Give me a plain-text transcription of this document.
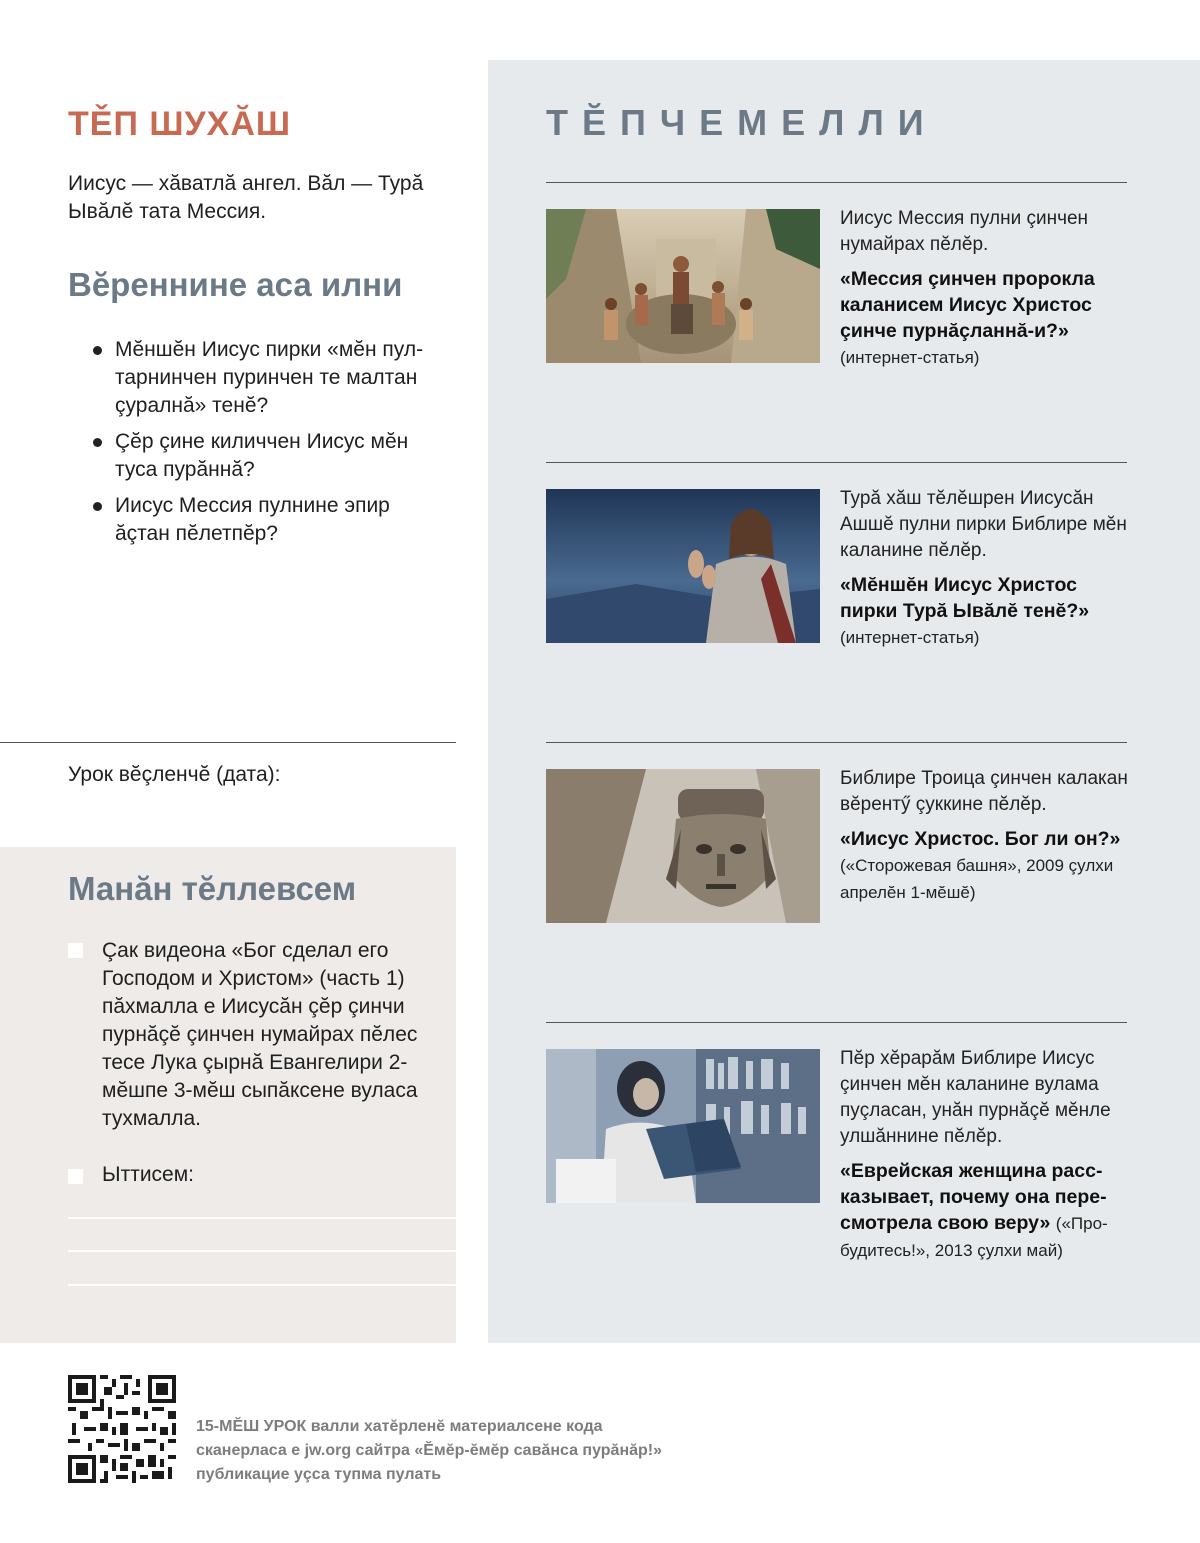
ТĔПЧЕМЕЛЛИ
Иисус Мессия пулни çинчен нумайрах пĕлĕр.
«Мессия çинчен пророкла каланисем Иисус Христос çинче пурнăçланнă-и?» (интернет-статья)
Турă хăш тĕлĕшрен Иисусăн Ашшĕ пулни пирки Библире мĕн каланине пĕлĕр.
«Мĕншĕн Иисус Христос пирки Турă Ывăлĕ тенĕ?» (интернет-статья)
Библире Троица çинчен калакан вĕрентӳ çуккине пĕлĕр.
«Иисус Христос. Бог ли он?» («Сторожевая башня», 2009 çулхи апрелĕн 1-мĕшĕ)
Пĕр хĕрарăм Библире Иисус çинчен мĕн каланине вулама пуçласан, унăн пурнăçĕ мĕнле улшăннине пĕлĕр.
«Еврейская женщина рассказывает, почему она пересмотрела свою веру» («Пробудитесь!», 2013 çулхи май)
ТĚП ШУХĂШ
Иисус — хăватлă ангел. Вăл — Турă Ывăлĕ тата Мессия.
Вĕреннине аса илни
Мĕншĕн Иисус пирки «мĕн пултарнинчен пуринчен те малтан çуралнă» тенĕ?
Çĕр çине киличчен Иисус мĕн туса пурăннă?
Иисус Мессия пулнине эпир ăçтан пĕлетпĕр?
Урок вĕçленчĕ (дата):
Манăн тĕллевсем
Çак видеона «Бог сделал его Господом и Христом» (часть 1) пăхмалла е Иисусăн çĕр çинчи пурнăçĕ çинчен нумайрах пĕлес тесе Лука çырнă Евангелири 2-мĕшпе 3-мĕш сыпăксене вуласа тухмалла.
Ыттисем:
15-МĔШ УРОК валли хатĕрленĕ материалсене кода сканерласа е jw.org сайтра «Ĕмĕр-ĕмĕр савăнса пурăнăр!» публикацие уçса тупма пулать
